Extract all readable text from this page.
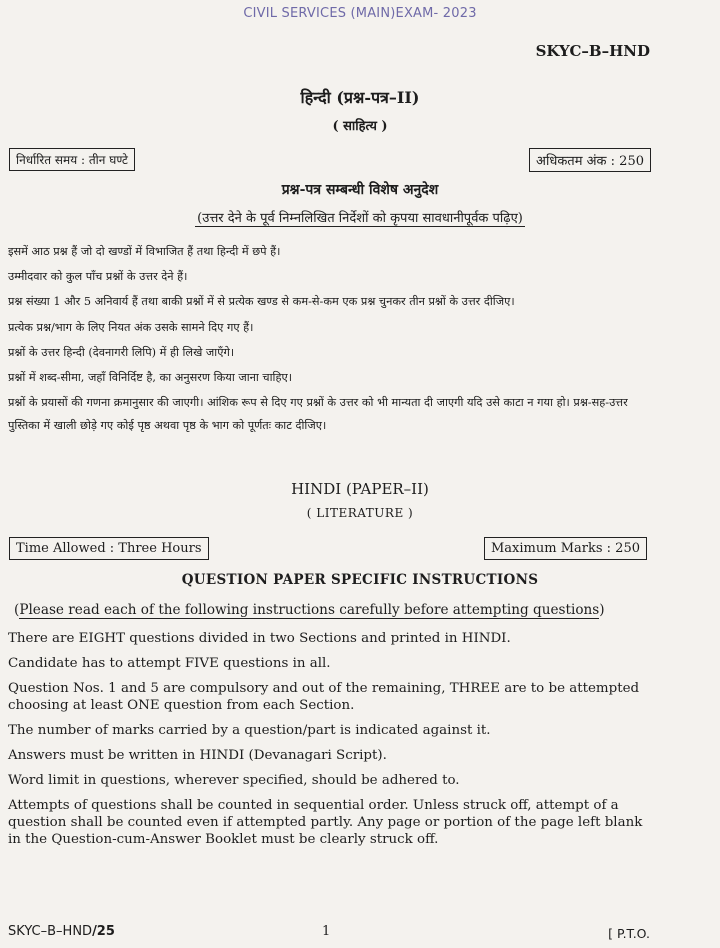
CIVIL SERVICES (MAIN)EXAM- 2023
SKYC–B–HND
हिन्दी (प्रश्न-पत्र–II)
( साहित्य )
निर्धारित समय : तीन घण्टे	अधिकतम अंक : 250
प्रश्न-पत्र सम्बन्धी विशेष अनुदेश
(उत्तर देने के पूर्व निम्नलिखित निर्देशों को कृपया सावधानीपूर्वक पढ़िए)

इसमें आठ प्रश्न हैं जो दो खण्डों में विभाजित हैं तथा हिन्दी में छपे हैं।

उम्मीदवार को कुल पाँच प्रश्नों के उत्तर देने हैं।

प्रश्न संख्या 1 और 5 अनिवार्य हैं तथा बाकी प्रश्नों में से प्रत्येक खण्ड से कम-से-कम एक प्रश्न चुनकर तीन प्रश्नों के उत्तर दीजिए।

प्रत्येक प्रश्न/भाग के लिए नियत अंक उसके सामने दिए गए हैं।

प्रश्नों के उत्तर हिन्दी (देवनागरी लिपि) में ही लिखे जाएँगे।

प्रश्नों में शब्द-सीमा, जहाँ विनिर्दिष्ट है, का अनुसरण किया जाना चाहिए।

प्रश्नों के प्रयासों की गणना क्रमानुसार की जाएगी। आंशिक रूप से दिए गए प्रश्नों के उत्तर को भी मान्यता दी जाएगी यदि उसे काटा न गया हो। प्रश्न-सह-उत्तर पुस्तिका में खाली छोड़े गए कोई पृष्ठ अथवा पृष्ठ के भाग को पूर्णतः काट दीजिए।

HINDI (PAPER–II)
( LITERATURE )
Time Allowed : Three Hours	Maximum Marks : 250
QUESTION PAPER SPECIFIC INSTRUCTIONS
(Please read each of the following instructions carefully before attempting questions)

There are EIGHT questions divided in two Sections and printed in HINDI.

Candidate has to attempt FIVE questions in all.

Question Nos. 1 and 5 are compulsory and out of the remaining, THREE are to be attempted choosing at least ONE question from each Section.

The number of marks carried by a question/part is indicated against it.

Answers must be written in HINDI (Devanagari Script).

Word limit in questions, wherever specified, should be adhered to.

Attempts of questions shall be counted in sequential order. Unless struck off, attempt of a question shall be counted even if attempted partly. Any page or portion of the page left blank in the Question-cum-Answer Booklet must be clearly struck off.

SKYC–B–HND/25	1	[ P.T.O.
